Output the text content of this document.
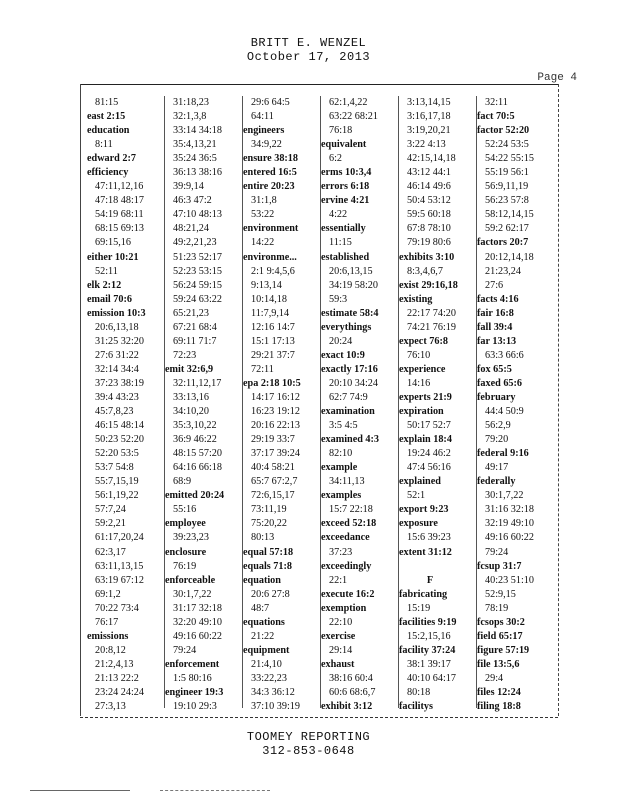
BRITT E. WENZEL
October 17, 2013
Page 4
81:15
east 2:15
education
8:11
edward 2:7
efficiency
47:11,12,16
47:18 48:17
54:19 68:11
68:15 69:13
69:15,16
either 10:21
52:11
elk 2:12
email 70:6
emission 10:3
20:6,13,18
31:25 32:20
27:6 31:22
32:14 34:4
37:23 38:19
39:4 43:23
45:7,8,23
46:15 48:14
50:23 52:20
52:20 53:5
53:7 54:8
55:7,15,19
56:1,19,22
57:7,24
59:2,21
61:17,20,24
62:3,17
63:11,13,15
63:19 67:12
69:1,2
70:22 73:4
76:17
emissions
20:8,12
21:2,4,13
21:13 22:2
23:24 24:24
27:3,13
31:18,23
32:1,3,8
33:14 34:18
35:4,13,21
35:24 36:5
36:13 38:16
39:9,14
46:3 47:2
47:10 48:13
48:21,24
49:2,21,23
51:23 52:17
52:23 53:15
56:24 59:15
59:24 63:22
65:21,23
67:21 68:4
69:11 71:7
72:23
emit 32:6,9
32:11,12,17
33:13,16
34:10,20
35:3,10,22
36:9 46:22
48:15 57:20
64:16 66:18
68:9
emitted 20:24
55:16
employee
39:23,23
enclosure
76:19
enforceable
30:1,7,22
31:17 32:18
32:20 49:10
49:16 60:22
79:24
enforcement
1:5 80:16
engineer 19:3
19:10 29:3
29:6 64:5
64:11
engineers
34:9,22
ensure 38:18
entered 16:5
entire 20:23
31:1,8
53:22
environment
14:22
environme...
2:1 9:4,5,6
9:13,14
10:14,18
11:7,9,14
12:16 14:7
15:1 17:13
29:21 37:7
72:11
epa 2:18 10:5
14:17 16:12
16:23 19:12
20:16 22:13
29:19 33:7
37:17 39:24
40:4 58:21
65:7 67:2,7
72:6,15,17
73:11,19
75:20,22
80:13
equal 57:18
equals 71:8
equation
20:6 27:8
48:7
equations
21:22
equipment
21:4,10
33:22,23
34:3 36:12
37:10 39:19
62:1,4,22
63:22 68:21
76:18
equivalent
6:2
erms 10:3,4
errors 6:18
ervine 4:21
4:22
essentially
11:15
established
20:6,13,15
34:19 58:20
59:3
estimate 58:4
everythings
20:24
exact 10:9
exactly 17:16
20:10 34:24
62:7 74:9
examination
3:5 4:5
examined 4:3
82:10
example
34:11,13
examples
15:7 22:18
exceed 52:18
exceedance
37:23
exceedingly
22:1
execute 16:2
exemption
22:10
exercise
29:14
exhaust
38:16 60:4
60:6 68:6,7
exhibit 3:12
3:13,14,15
3:16,17,18
3:19,20,21
3:22 4:13
42:15,14,18
43:12 44:1
46:14 49:6
50:4 53:12
59:5 60:18
67:8 78:10
79:19 80:6
exhibits 3:10
8:3,4,6,7
exist 29:16,18
existing
22:17 74:20
74:21 76:19
expect 76:8
76:10
experience
14:16
experts 21:9
expiration
50:17 52:7
explain 18:4
19:24 46:2
47:4 56:16
explained
52:1
export 9:23
exposure
15:6 39:23
extent 31:12

F
fabricating
15:19
facilities 9:19
15:2,15,16
facility 37:24
38:1 39:17
40:10 64:17
80:18
facilitys
32:11
fact 70:5
factor 52:20
52:24 53:5
54:22 55:15
55:19 56:1
56:9,11,19
56:23 57:8
58:12,14,15
59:2 62:17
factors 20:7
20:12,14,18
21:23,24
27:6
facts 4:16
fair 16:8
fall 39:4
far 13:13
63:3 66:6
fox 65:5
faxed 65:6
february
44:4 50:9
56:2,9
79:20
federal 9:16
49:17
federally
30:1,7,22
31:16 32:18
32:19 49:10
49:16 60:22
79:24
fcsup 31:7
40:23 51:10
52:9,15
78:19
fcsops 30:2
field 65:17
figure 57:19
file 13:5,6
29:4
files 12:24
filing 18:8
TOOMEY REPORTING
312-853-0648
